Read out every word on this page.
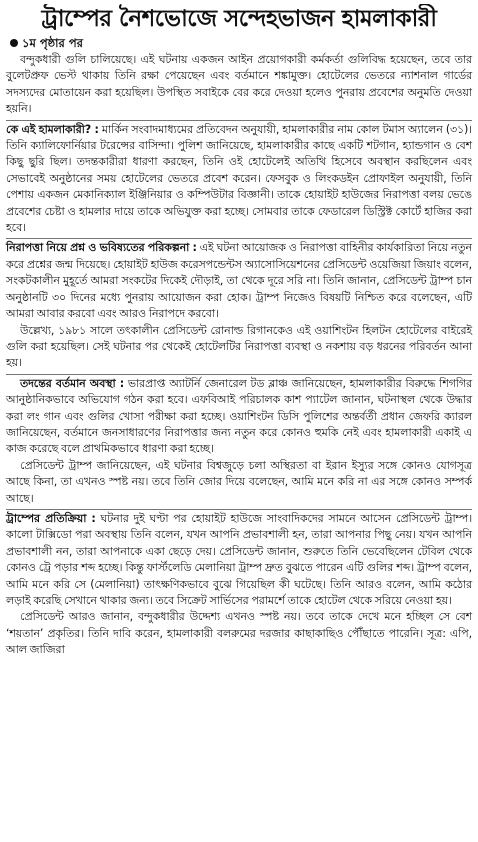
ট্রাম্পের নৈশভোজে সন্দেহভাজন হামলাকারী
১ম পৃষ্ঠার পর

বন্দুকধারী গুলি চালিয়েছে। এই ঘটনায় একজন আইন প্রয়োগকারী কর্মকর্তা গুলিবিদ্ধ হয়েছেন, তবে তার বুলেটপ্রুফ ভেস্ট থাকায় তিনি রক্ষা পেয়েছেন এবং বর্তমানে শঙ্কামুক্ত। হোটেলের ভেতরে ন্যাশনাল গার্ডের সদস্যদের মোতায়েন করা হয়েছিল। উপস্থিত সবাইকে বের করে দেওয়া হলেও পুনরায় প্রবেশের অনুমতি দেওয়া হয়নি।

কে এই হামলাকারী? : মার্কিন সংবাদমাধ্যমের প্রতিবেদন অনুযায়ী, হামলাকারীর নাম কোল টমাস অ্যালেন (৩১)। তিনি ক্যালিফোর্নিয়ার টরেন্সের বাসিন্দা। পুলিশ জানিয়েছে, হামলাকারীর কাছে একটি শটগান, হ্যান্ডগান ও বেশ কিছু ছুরি ছিল। তদন্তকারীরা ধারণা করছেন, তিনি ওই হোটেলেই অতিথি হিসেবে অবস্থান করছিলেন এবং সেভাবেই অনুষ্ঠানের সময় হোটেলের ভেতরে প্রবেশ করেন। ফেসবুক ও লিংকডইন প্রোফাইল অনুযায়ী, তিনি পেশায় একজন মেকানিক্যাল ইঞ্জিনিয়ার ও কম্পিউটার বিজ্ঞানী। তাকে হোয়াইট হাউজের নিরাপত্তা বলয় ভেঙে প্রবেশের চেষ্টা ও হামলার দায়ে তাকে অভিযুক্ত করা হচ্ছে। সোমবার তাকে ফেডারেল ডিস্ট্রিক্ট কোর্টে হাজির করা হবে।

নিরাপত্তা নিয়ে প্রশ্ন ও ভবিষ্যতের পরিকল্পনা : এই ঘটনা আয়োজক ও নিরাপত্তা বাহিনীর কার্যকারিতা নিয়ে নতুন করে প্রশ্নের জন্ম দিয়েছে। হোয়াইট হাউজ করেসপন্ডেন্টস অ্যাসোসিয়েশনের প্রেসিডেন্ট ওয়েজিয়া জিয়াং বলেন, সংকটকালীন মুহূর্তে আমরা সংকটের দিকেই দৌড়াই, তা থেকে দূরে সরি না। তিনি জানান, প্রেসিডেন্ট ট্রাম্প চান অনুষ্ঠানটি ৩০ দিনের মধ্যে পুনরায় আয়োজন করা হোক। ট্রাম্প নিজেও বিষয়টি নিশ্চিত করে বলেছেন, এটি আমরা আবার করবো এবং আরও নিরাপদে করবো।

উল্লেখ্য, ১৯৮১ সালে তৎকালীন প্রেসিডেন্ট রোনাল্ড রিগানকেও এই ওয়াশিংটন হিলটন হোটেলের বাইরেই গুলি করা হয়েছিল। সেই ঘটনার পর থেকেই হোটেলটির নিরাপত্তা ব্যবস্থা ও নকশায় বড় ধরনের পরিবর্তন আনা হয়।

তদন্তের বর্তমান অবস্থা : ভারপ্রাপ্ত অ্যাটর্নি জেনারেল টড ব্লাঞ্চ জানিয়েছেন, হামলাকারীর বিরুদ্ধে শিগগির আনুষ্ঠানিকভাবে অভিযোগ গঠন করা হবে। এফবিআই পরিচালক কাশ প্যাটেল জানান, ঘটনাস্থল থেকে উদ্ধার করা লং গান এবং গুলির খোসা পরীক্ষা করা হচ্ছে। ওয়াশিংটন ডিসি পুলিশের অন্তর্বর্তী প্রধান জেফরি ক্যারল জানিয়েছেন, বর্তমানে জনসাধারণের নিরাপত্তার জন্য নতুন করে কোনও হুমকি নেই এবং হামলাকারী একাই এ কাজ করেছে বলে প্রাথমিকভাবে ধারণা করা হচ্ছে।

প্রেসিডেন্ট ট্রাম্প জানিয়েছেন, এই ঘটনার বিশ্বজুড়ে চলা অস্থিরতা বা ইরান ইস্যুর সঙ্গে কোনও যোগসূত্র আছে কিনা, তা এখনও স্পষ্ট নয়। তবে তিনি জোর দিয়ে বলেছেন, আমি মনে করি না এর সঙ্গে কোনও সম্পর্ক আছে।

ট্রাম্পের প্রতিক্রিয়া : ঘটনার দুই ঘণ্টা পর হোয়াইট হাউজে সাংবাদিকদের সামনে আসেন প্রেসিডেন্ট ট্রাম্প। কালো টাক্সিডো পরা অবস্থায় তিনি বলেন, যখন আপনি প্রভাবশালী হন, তারা আপনার পিছু নেয়। যখন আপনি প্রভাবশালী নন, তারা আপনাকে একা ছেড়ে দেয়। প্রেসিডেন্ট জানান, শুরুতে তিনি ভেবেছিলেন টেবিল থেকে কোনও ট্রে পড়ার শব্দ হচ্ছে। কিন্তু ফার্স্টলেডি মেলানিয়া ট্রাম্প দ্রুত বুঝতে পারেন এটি গুলির শব্দ। ট্রাম্প বলেন, আমি মনে করি সে (মেলানিয়া) তাৎক্ষণিকভাবে বুঝে গিয়েছিল কী ঘটেছে। তিনি আরও বলেন, আমি কঠোর লড়াই করেছি সেখানে থাকার জন্য। তবে সিক্রেট সার্ভিসের পরামর্শে তাকে হোটেল থেকে সরিয়ে নেওয়া হয়।

প্রেসিডেন্ট আরও জানান, বন্দুকধারীর উদ্দেশ্য এখনও স্পষ্ট নয়। তবে তাকে দেখে মনে হচ্ছিল সে বেশ ‘শয়তান’ প্রকৃতির। তিনি দাবি করেন, হামলাকারী বলরুমের দরজার কাছাকাছিও পৌঁছাতে পারেনি। সূত্র: এপি, আল জাজিরা
